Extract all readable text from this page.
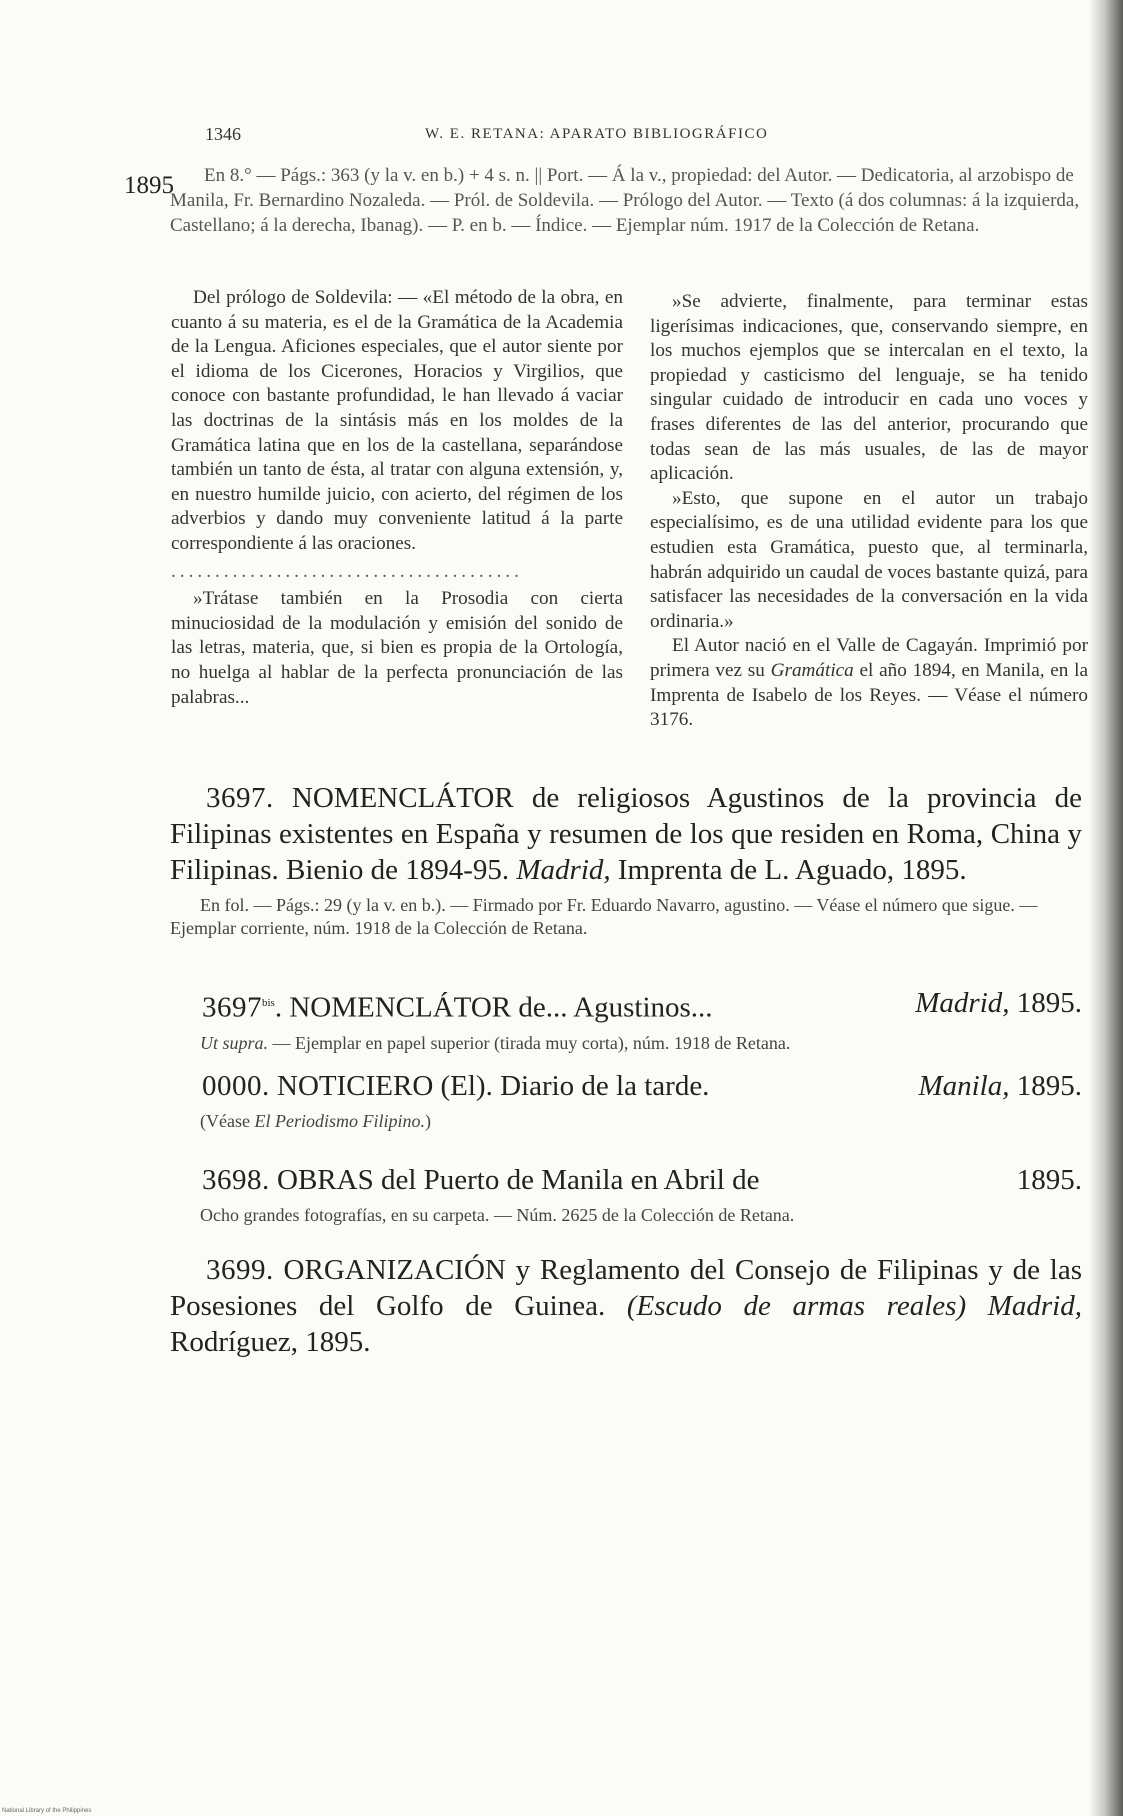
1346	W. E. RETANA: APARATO BIBLIOGRÁFICO
1895	En 8.° — Págs.: 363 (y la v. en b.) + 4 s. n. || Port. — Á la v., propiedad: del Autor. — Dedicatoria, al arzobispo de Manila, Fr. Bernardino Nozaleda. — Pról. de Soldevila. — Prólogo del Autor. — Texto (á dos columnas: á la izquierda, Castellano; á la derecha, Ibanag). — P. en b. — Índice. — Ejemplar núm. 1917 de la Colección de Retana.

Del prólogo de Soldevila: — «El método de la obra, en cuanto á su materia, es el de la Gramática de la Academia de la Lengua. Aficiones especiales, que el autor siente por el idioma de los Cicerones, Horacios y Virgilios, que conoce con bastante profundidad, le han llevado á vaciar las doctrinas de la sintásis más en los moldes de la Gramática latina que en los de la castellana, separándose también un tanto de ésta, al tratar con alguna extensión, y, en nuestro humilde juicio, con acierto, del régimen de los adverbios y dando muy conveniente latitud á la parte correspondiente á las oraciones.

........................................

»Trátase también en la Prosodia con cierta minuciosidad de la modulación y emisión del sonido de las letras, materia, que, si bien es propia de la Ortología, no huelga al hablar de la perfecta pronunciación de las palabras...

»Se advierte, finalmente, para terminar estas ligerísimas indicaciones, que, conservando siempre, en los muchos ejemplos que se intercalan en el texto, la propiedad y casticismo del lenguaje, se ha tenido singular cuidado de introducir en cada uno voces y frases diferentes de las del anterior, procurando que todas sean de las más usuales, de las de mayor aplicación.

»Esto, que supone en el autor un trabajo especialísimo, es de una utilidad evidente para los que estudien esta Gramática, puesto que, al terminarla, habrán adquirido un caudal de voces bastante quizá, para satisfacer las necesidades de la conversación en la vida ordinaria.»

El Autor nació en el Valle de Cagayán. Imprimió por primera vez su Gramática el año 1894, en Manila, en la Imprenta de Isabelo de los Reyes. — Véase el número 3176.

3697. NOMENCLÁTOR de religiosos Agustinos de la provincia de Filipinas existentes en España y resumen de los que residen en Roma, China y Filipinas. Bienio de 1894-95. Madrid, Imprenta de L. Aguado, 1895.

En fol. — Págs.: 29 (y la v. en b.). — Firmado por Fr. Eduardo Navarro, agustino. — Véase el número que sigue. — Ejemplar corriente, núm. 1918 de la Colección de Retana.

$3697^{bis}$. NOMENCLÁTOR de... Agustinos...	Madrid, 1895.

Ut supra. — Ejemplar en papel superior (tirada muy corta), núm. 1918 de Retana.

0000. NOTICIERO (El). Diario de la tarde.	Manila, 1895.

(Véase El Periodismo Filipino.)

3698. OBRAS del Puerto de Manila en Abril de	1895.

Ocho grandes fotografías, en su carpeta. — Núm. 2625 de la Colección de Retana.

3699. ORGANIZACIÓN y Reglamento del Consejo de Filipinas y de las Posesiones del Golfo de Guinea. (Escudo de armas reales) Madrid, Rodríguez, 1895.

National Library of the Philippines
